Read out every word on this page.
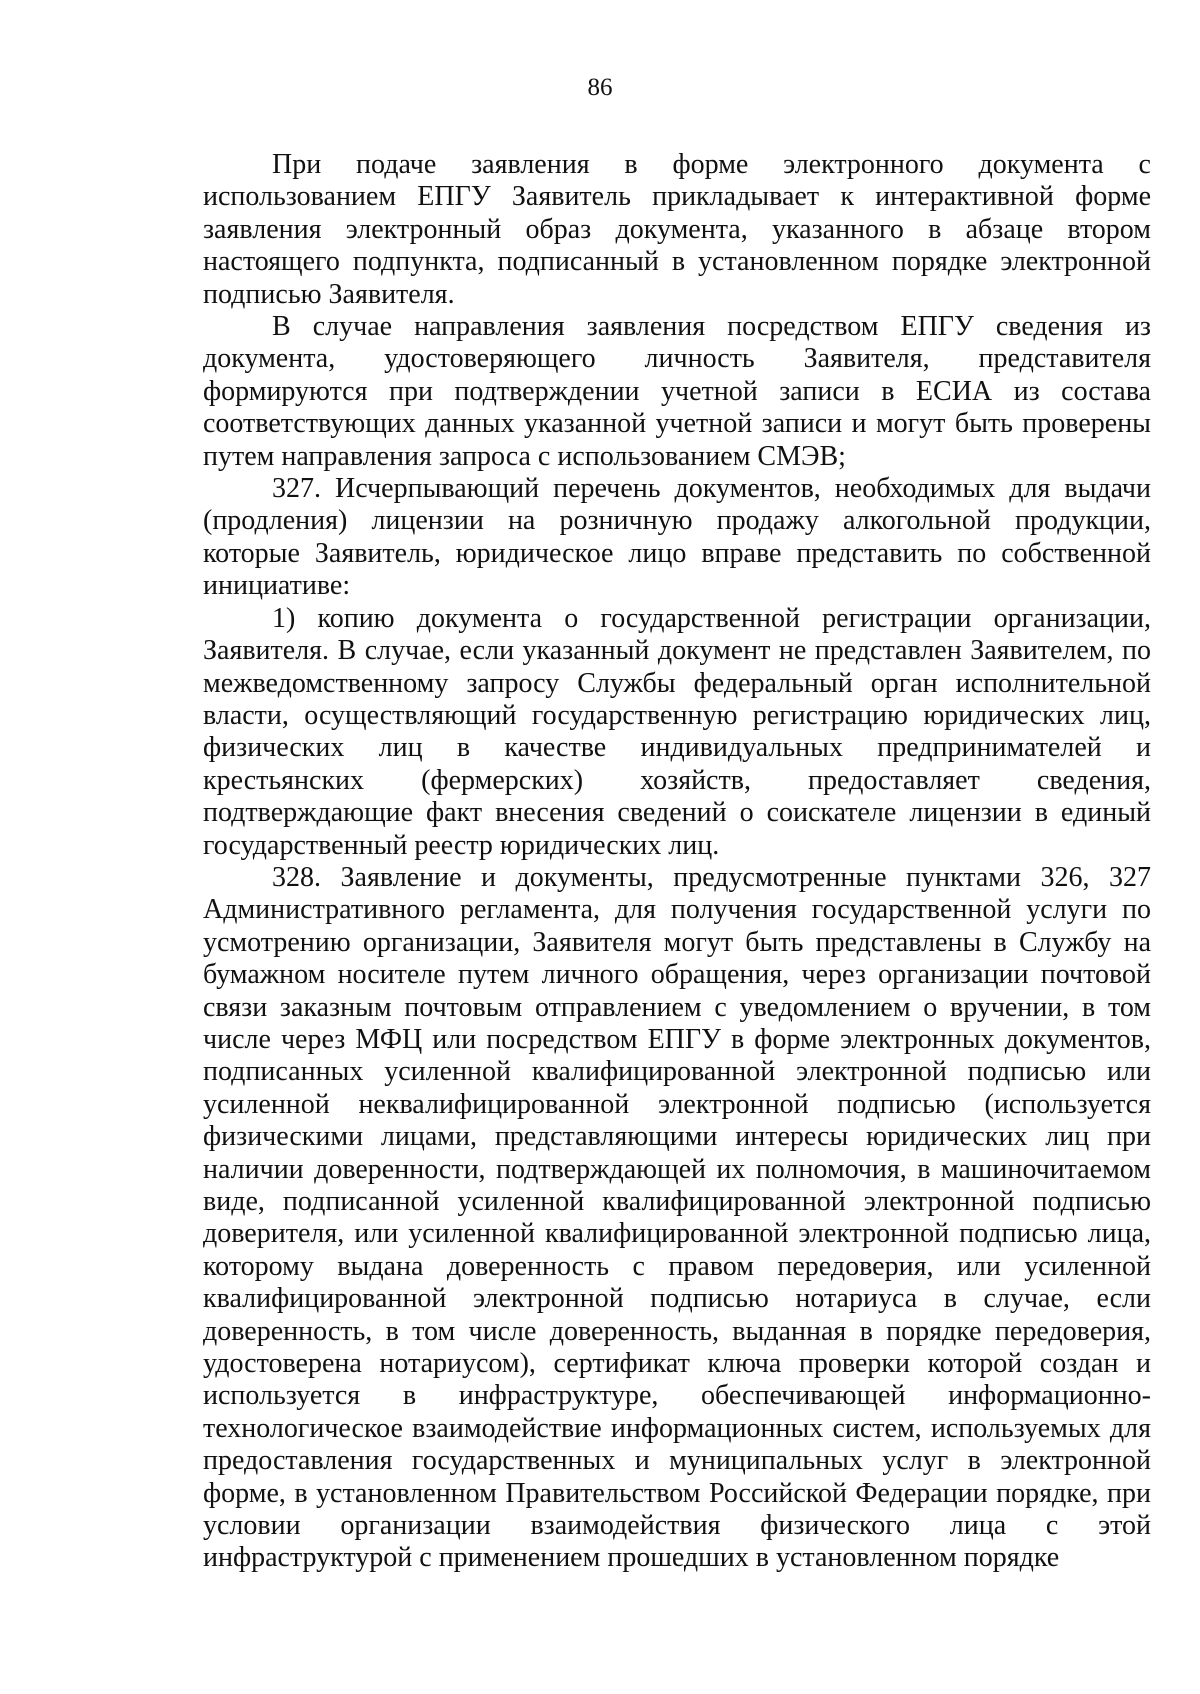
86

При подаче заявления в форме электронного документа с использованием ЕПГУ Заявитель прикладывает к интерактивной форме заявления электронный образ документа, указанного в абзаце втором настоящего подпункта, подписанный в установленном порядке электронной подписью Заявителя.

В случае направления заявления посредством ЕПГУ сведения из документа, удостоверяющего личность Заявителя, представителя формируются при подтверждении учетной записи в ЕСИА из состава соответствующих данных указанной учетной записи и могут быть проверены путем направления запроса с использованием СМЭВ;

327. Исчерпывающий перечень документов, необходимых для выдачи (продления) лицензии на розничную продажу алкогольной продукции, которые Заявитель, юридическое лицо вправе представить по собственной инициативе:

1) копию документа о государственной регистрации организации, Заявителя. В случае, если указанный документ не представлен Заявителем, по межведомственному запросу Службы федеральный орган исполнительной власти, осуществляющий государственную регистрацию юридических лиц, физических лиц в качестве индивидуальных предпринимателей и крестьянских (фермерских) хозяйств, предоставляет сведения, подтверждающие факт внесения сведений о соискателе лицензии в единый государственный реестр юридических лиц.

328. Заявление и документы, предусмотренные пунктами 326, 327 Административного регламента, для получения государственной услуги по усмотрению организации, Заявителя могут быть представлены в Службу на бумажном носителе путем личного обращения, через организации почтовой связи заказным почтовым отправлением с уведомлением о вручении, в том числе через МФЦ или посредством ЕПГУ в форме электронных документов, подписанных усиленной квалифицированной электронной подписью или усиленной неквалифицированной электронной подписью (используется физическими лицами, представляющими интересы юридических лиц при наличии доверенности, подтверждающей их полномочия, в машиночитаемом виде, подписанной усиленной квалифицированной электронной подписью доверителя, или усиленной квалифицированной электронной подписью лица, которому выдана доверенность с правом передоверия, или усиленной квалифицированной электронной подписью нотариуса в случае, если доверенность, в том числе доверенность, выданная в порядке передоверия, удостоверена нотариусом), сертификат ключа проверки которой создан и используется в инфраструктуре, обеспечивающей информационно-технологическое взаимодействие информационных систем, используемых для предоставления государственных и муниципальных услуг в электронной форме, в установленном Правительством Российской Федерации порядке, при условии организации взаимодействия физического лица с этой инфраструктурой с применением прошедших в установленном порядке
